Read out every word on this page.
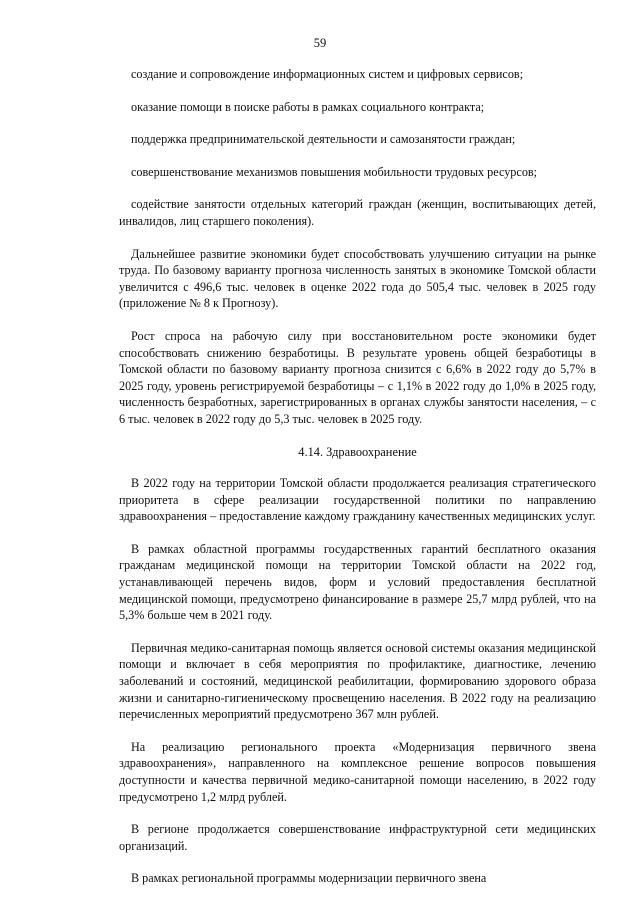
59

создание и сопровождение информационных систем и цифровых сервисов;

оказание помощи в поиске работы в рамках социального контракта;

поддержка предпринимательской деятельности и самозанятости граждан;

совершенствование механизмов повышения мобильности трудовых ресурсов;

содействие занятости отдельных категорий граждан (женщин, воспитывающих детей, инвалидов, лиц старшего поколения).

Дальнейшее развитие экономики будет способствовать улучшению ситуации на рынке труда. По базовому варианту прогноза численность занятых в экономике Томской области увеличится с 496,6 тыс. человек в оценке 2022 года до 505,4 тыс. человек в 2025 году (приложение № 8 к Прогнозу).

Рост спроса на рабочую силу при восстановительном росте экономики будет способствовать снижению безработицы. В результате уровень общей безработицы в Томской области по базовому варианту прогноза снизится с 6,6% в 2022 году до 5,7% в 2025 году, уровень регистрируемой безработицы – с 1,1% в 2022 году до 1,0% в 2025 году, численность безработных, зарегистрированных в органах службы занятости населения, – с 6 тыс. человек в 2022 году до 5,3 тыс. человек в 2025 году.

4.14. Здравоохранение

В 2022 году на территории Томской области продолжается реализация стратегического приоритета в сфере реализации государственной политики по направлению здравоохранения – предоставление каждому гражданину качественных медицинских услуг.

В рамках областной программы государственных гарантий бесплатного оказания гражданам медицинской помощи на территории Томской области на 2022 год, устанавливающей перечень видов, форм и условий предоставления бесплатной медицинской помощи, предусмотрено финансирование в размере 25,7 млрд рублей, что на 5,3% больше чем в 2021 году.

Первичная медико-санитарная помощь является основой системы оказания медицинской помощи и включает в себя мероприятия по профилактике, диагностике, лечению заболеваний и состояний, медицинской реабилитации, формированию здорового образа жизни и санитарно-гигиеническому просвещению населения. В 2022 году на реализацию перечисленных мероприятий предусмотрено 367 млн рублей.

На реализацию регионального проекта «Модернизация первичного звена здравоохранения», направленного на комплексное решение вопросов повышения доступности и качества первичной медико-санитарной помощи населению, в 2022 году предусмотрено 1,2 млрд рублей.

В регионе продолжается совершенствование инфраструктурной сети медицинских организаций.

В рамках региональной программы модернизации первичного звена
